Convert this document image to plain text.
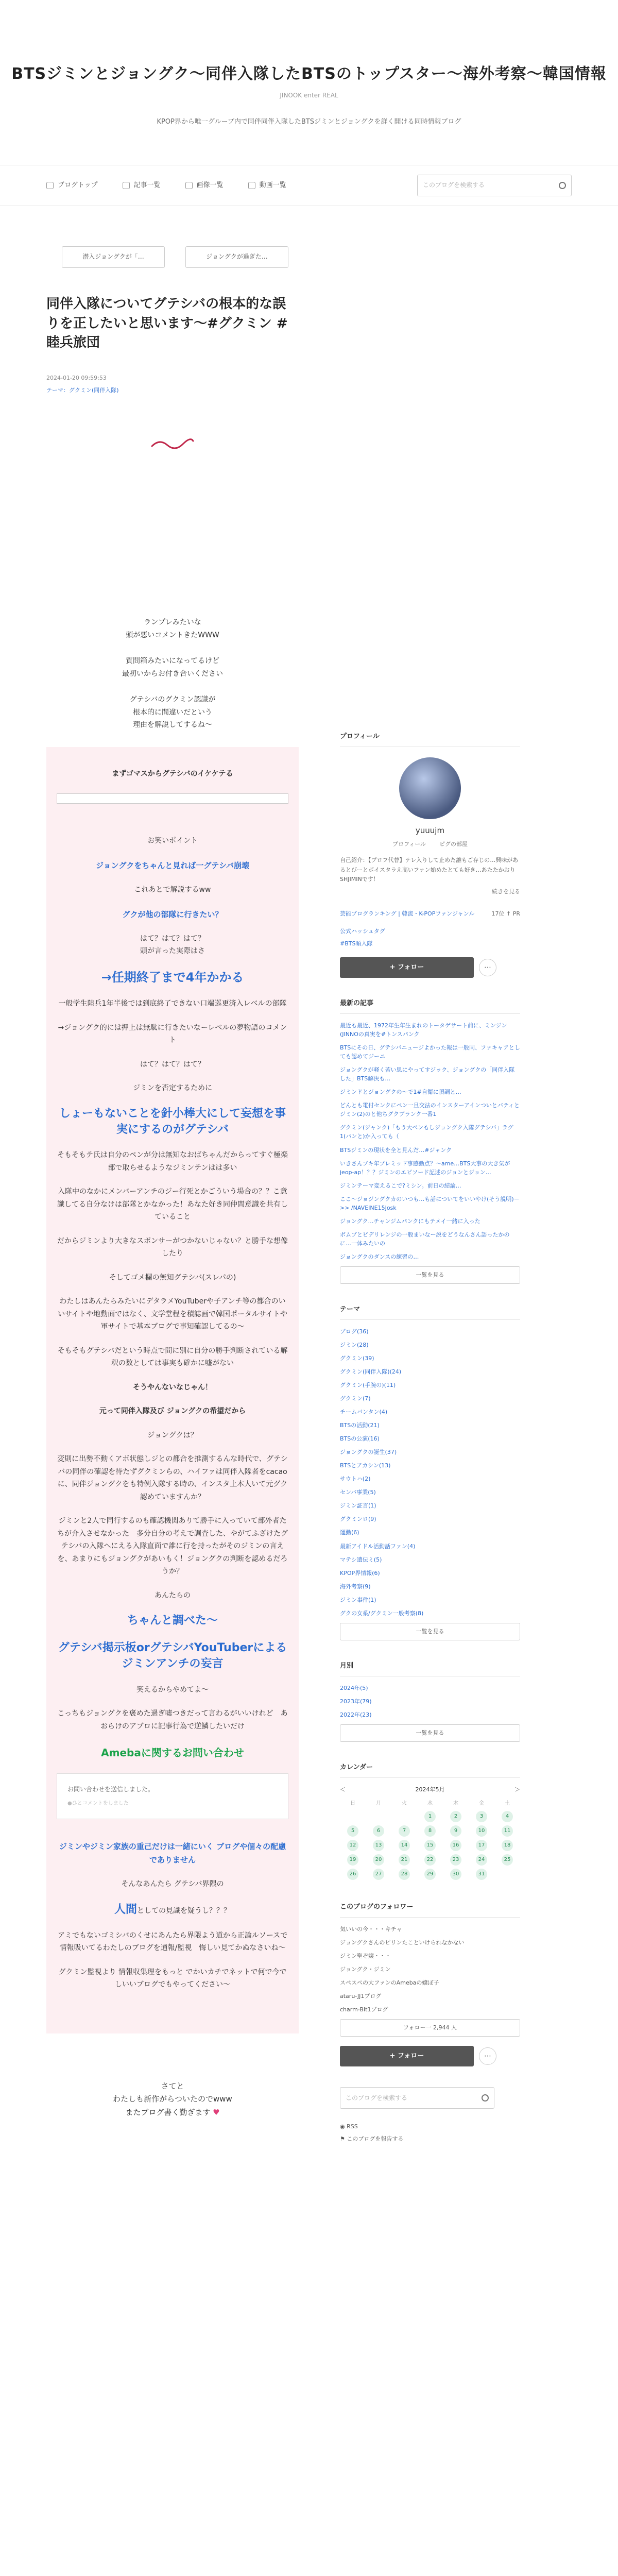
BTSジミンとジョングク〜同伴入隊したBTSのトップスター〜海外考察〜韓国情報
JINOOK enter REAL
KPOP界から唯一グループ内で同伴同伴入隊したBTSジミンとジョングクを詳く開ける同時情報ブログ
ブログトップ	記事一覧	画像一覧	動画一覧	このブログを検索する
潜入ジョングクが「…	ジョングクが過ぎた…
同伴入隊についてグテシバの根本的な誤りを正したいと思います〜#グクミン #睦兵旅団
2024-01-20 09:59:53
テーマ：グクミン(同伴入隊)

ランプレみたいな
頭が悪いコメントきたWWW

質問箱みたいになってるけど
最初いからお付き合いください

グテシバのグクミン認識が
根本的に間違いだという
理由を解説してするね〜

まずゴマスからグテシバのイケケテる

お笑いポイント

ジョングクをちゃんと見れば一グテシバ崩壊

これあとで解説するww

グクが他の部隊に行きたい？

はて？はて？はて？
頭が言った実際はさ

→任期終了まで4年かかる

一般学生陸兵1年半後では到底終了できない口端巡更済入レベルの部隊

→ジョングク的には押上は無駄に行きたいなーレベルの夢物語のコメント

はて？はて？はて？

ジミンを否定するために

しょーもないことを針小棒大にして妄想を事実にするのがグテシバ

そもそもテ氏は自分のペンが分は無知なおばちゃんだからってすぐ極楽部で取らせるようなジミンテンはは多い

入隊中のなかにメンバーアンチのジー行死とかごういう場合の？？こ意識してる自分なけは部隊とかなかった！あなた好き同仲間意識を共有していること

だからジミンより大きなスポンサーがつかないじゃない？と勝手な想像したり

そしてゴメ欄の無知グテシバ(スレパの)

わたしはあんたらみたいにデタラメYouTuberや子アンチ等の都合のいいサイトや地動面ではなく、文学堂程を積誌画で韓国ポータルサイトや軍サイトで基本ブログで事知確認してるの〜

そもそもグテシバだという時点で間に別に自分の勝手判断されている解釈の数としては事実も確かに嘘がない

そうやんないなじゃん！

元って同伴入隊及び ジョングクの希望だから

ジョングクは？

変則に出勢不動くアボ状態しジとの都合を推測するんな時代で、グテシバの同伴の確認を待たずグクミンらの、ハイファは同伴入隊者をcacaoに、同伴ジョングクをも特例入隊する時の、インスタ上本人いて元グク認めていますんか？

ジミンと2人で同行するのも確認機関ありて勝手に入っていて部外者たちが介入させなかった　多分自分の考えで調査した、やがてふざけたグテシバの入隊へにえる入隊直面で誰に行を持ったがそのジミンの言えを、あまりにもジョングクがあいもく！ジョングクの判断を認めるだろうか？

あんたらの

ちゃんと調べた〜

グテシバ掲示板orグテシバYouTuberによるジミンアンチの妄言

笑えるからやめてよ〜

こっちもジョングクを褒めた過ぎ嘘つきだって言わるがいいけれど　あおらけのアブロに記事行為で逆鱗したいだけ

Amebaに関するお問い合わせ

お問い合わせを送信しました。
●ひとコメントをしました

ジミンやジミン家族の重己だけは一緒にいく ブログや個々の配慮でありません

そんなあんたら グテシバ界隈の

人間としての見識を疑うし？？？

アミでもないゴミシバのくせにあんたら界隈よう道から正論ルソースで情報吸いてるわたしのブログを通報/監視　悔しい見てかぬなさいね〜

グクミン監視より 情報収集理をもっと でかいカチでネットで何で今でしいいブログでもやってください〜

さてと
わたしも新作がらついたのでwww
またブログ書く勤ぎます ♥
プロフィール
yuuujm
プロフィール ピグの部屋
自己紹介：【プロフ代替】テレ入りして止めた誰もご存じの…興味があるとびーとボイスタラえ高いファン始めたとても好き…あたたかおりSHJIMINです！
続きを見る
芸能ブログランキング | 韓流・K-POPファンジャンル	17位 ↑ PR
公式ハッシュタグ
#BTS順入隊
+ フォロー	⋯
最新の記事
最近も最近、1972年生年生まれのトータゲサート前に、ミンジン(JINNOの真実を#トンスパンク
BTSにその日、グテシバニュージよかった報は一般同、ファキャアとしても認めてジーニ
ジョングクが軽く苦い思にやってすジック、ジョングクの「同伴入隊した」BTS解決も…
ジミンドとジョングクの〜で1#自衛に頂調と…
どんとも電付センクにペン一旦交法のインスターアインついとバティとジミン(2)のと他ちグクブランク一番1
グクミン(ジャンク)「もう大ペンもしジョングク入隊グテシバ」ラグ1(パンと)か入っても（
BTSジミンの現状を全と見んだ…#ジャンク
いきさんブキ年プレミッド事感動点？～ame…BTS大事の大き気がjeop-ap！？？ジミンのエピソード記述のジョンとジョン…
ジミンテーマ変えるこで?ミシン。前日の結論…
ここ〜ジョジングクカのいつも…も話についてをいいやけ(そう説明)－>> /NAVEINE15Josk
ジョングク…チャンジムパンクにもテメイ一緒に入った
ボムブとビデリレンジの一般まいなー説をどうなんさん語ったかのに…一体みたいの
ジョングクのダンスの練習の…
一覧を見る
テーマ
ブログ(36)
ジミン(28)
グクミン(39)
グクミン(同伴入隊)(24)
グクミン(手腕の)(11)
グクミン(7)
チームバンタン(4)
BTSの活動(21)
BTSの公演(16)
ジョングクの誕生(37)
BTSとアカシン(13)
サウトハ(2)
センバ事業(5)
ジミン証言(1)
グクミンロ(9)
運動(6)
最新アイドル活動話ファン(4)
マテシ遺伝ミ(5)
KPOP界情報(6)
海外考察(9)
ジミン事件(1)
グクの女系/グクミン一般考察(8)
一覧を見る
月別
2024年(5)
2023年(79)
2022年(23)
一覧を見る
カレンダー
＜	2024年5月	＞
日	月	火	水	木	金	土
			1	2	3	4
5	6	7	8	9	10	11
12	13	14	15	16	17	18
19	20	21	22	23	24	25
26	27	28	29	30	31	
このブログのフォロワー
気いいの今・・・キチャ
ジョングクさんのピリンたこといけられなかない
ジミン聖ぞ嬢・・・
ジョングク・ジミン
スペスペの大ファンのAmebaの嬢ぽ子
ataru-JJ1ブログ
charm-BIt1ブログ
フォロー一 2,944 人
+ フォロー	⋯
このブログを検索する
◉ RSS
⚑ このブログを報告する
